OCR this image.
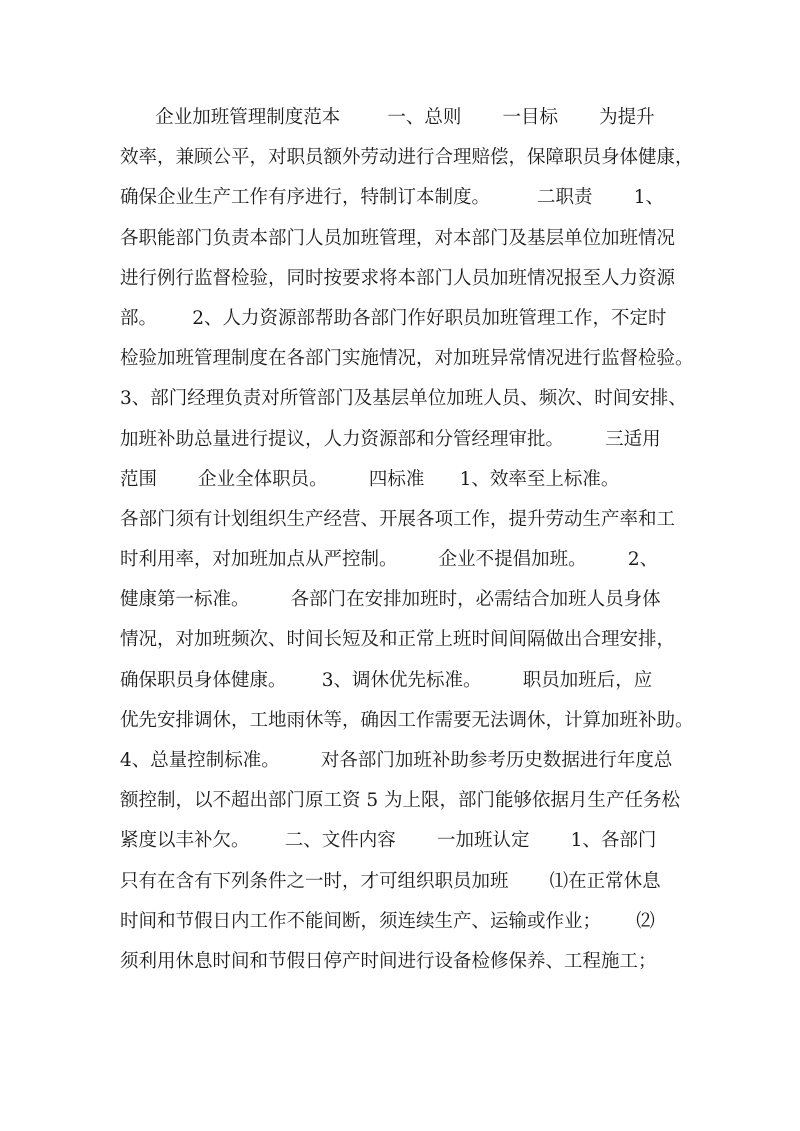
企业加班管理制度范本        一、总则       一目标       为提升
效率，兼顾公平，对职员额外劳动进行合理赔偿，保障职员身体健康，
确保企业生产工作有序进行，特制订本制度。        二职责       1、
各职能部门负责本部门人员加班管理，对本部门及基层单位加班情况
进行例行监督检验，同时按要求将本部门人员加班情况报至人力资源
部。      2、人力资源部帮助各部门作好职员加班管理工作，不定时
检验加班管理制度在各部门实施情况，对加班异常情况进行监督检验。
3、部门经理负责对所管部门及基层单位加班人员、频次、时间安排、
加班补助总量进行提议，人力资源部和分管经理审批。       三适用
范围       企业全体职员。       四标准      1、效率至上标准。
各部门须有计划组织生产经营、开展各项工作，提升劳动生产率和工
时利用率，对加班加点从严控制。       企业不提倡加班。       2、
健康第一标准。       各部门在安排加班时，必需结合加班人员身体
情况，对加班频次、时间长短及和正常上班时间间隔做出合理安排，
确保职员身体健康。      3、调休优先标准。       职员加班后，应
优先安排调休，工地雨休等，确因工作需要无法调休，计算加班补助。
4、总量控制标准。       对各部门加班补助参考历史数据进行年度总
额控制，以不超出部门原工资 5 为上限，部门能够依据月生产任务松
紧度以丰补欠。      二、文件内容       一加班认定       1、各部门
只有在含有下列条件之一时，才可组织职员加班       ⑴在正常休息
时间和节假日内工作不能间断，须连续生产、运输或作业；      ⑵
须利用休息时间和节假日停产时间进行设备检修保养、工程施工；
